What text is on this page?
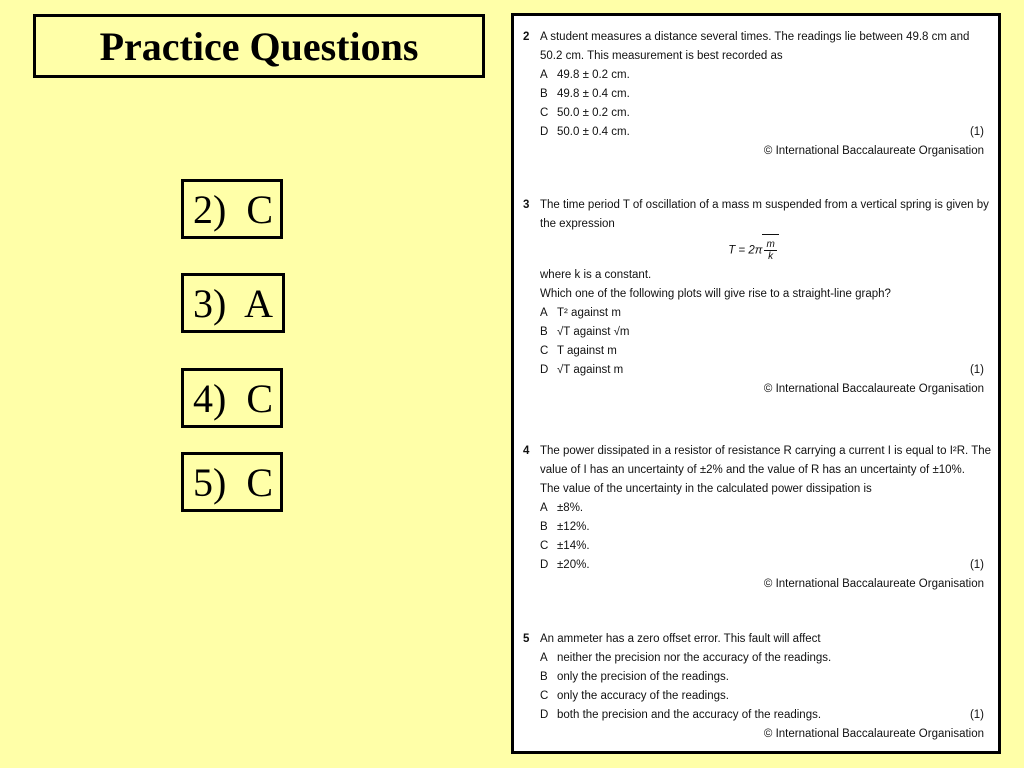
Practice Questions
2)  C
3)  A
4)  C
5)  C
2 A student measures a distance several times. The readings lie between 49.8 cm and
50.2 cm. This measurement is best recorded as
A 49.8 ± 0.2 cm.
B 49.8 ± 0.4 cm.
C 50.0 ± 0.2 cm.
D 50.0 ± 0.4 cm.	(1)
© International Baccalaureate Organisation
3 The time period T of oscillation of a mass m suspended from a vertical spring is given by
the expression
$T = 2\pi \frac{m}{k}$
where k is a constant.
Which one of the following plots will give rise to a straight-line graph?
A T² against m
B √T against √m
C T against m
D √T against m	(1)
© International Baccalaureate Organisation
4 The power dissipated in a resistor of resistance R carrying a current I is equal to I²R. The
value of I has an uncertainty of ±2% and the value of R has an uncertainty of ±10%.
The value of the uncertainty in the calculated power dissipation is
A ±8%.
B ±12%.
C ±14%.
D ±20%.	(1)
© International Baccalaureate Organisation
5 An ammeter has a zero offset error. This fault will affect
A neither the precision nor the accuracy of the readings.
B only the precision of the readings.
C only the accuracy of the readings.
D both the precision and the accuracy of the readings.	(1)
© International Baccalaureate Organisation
